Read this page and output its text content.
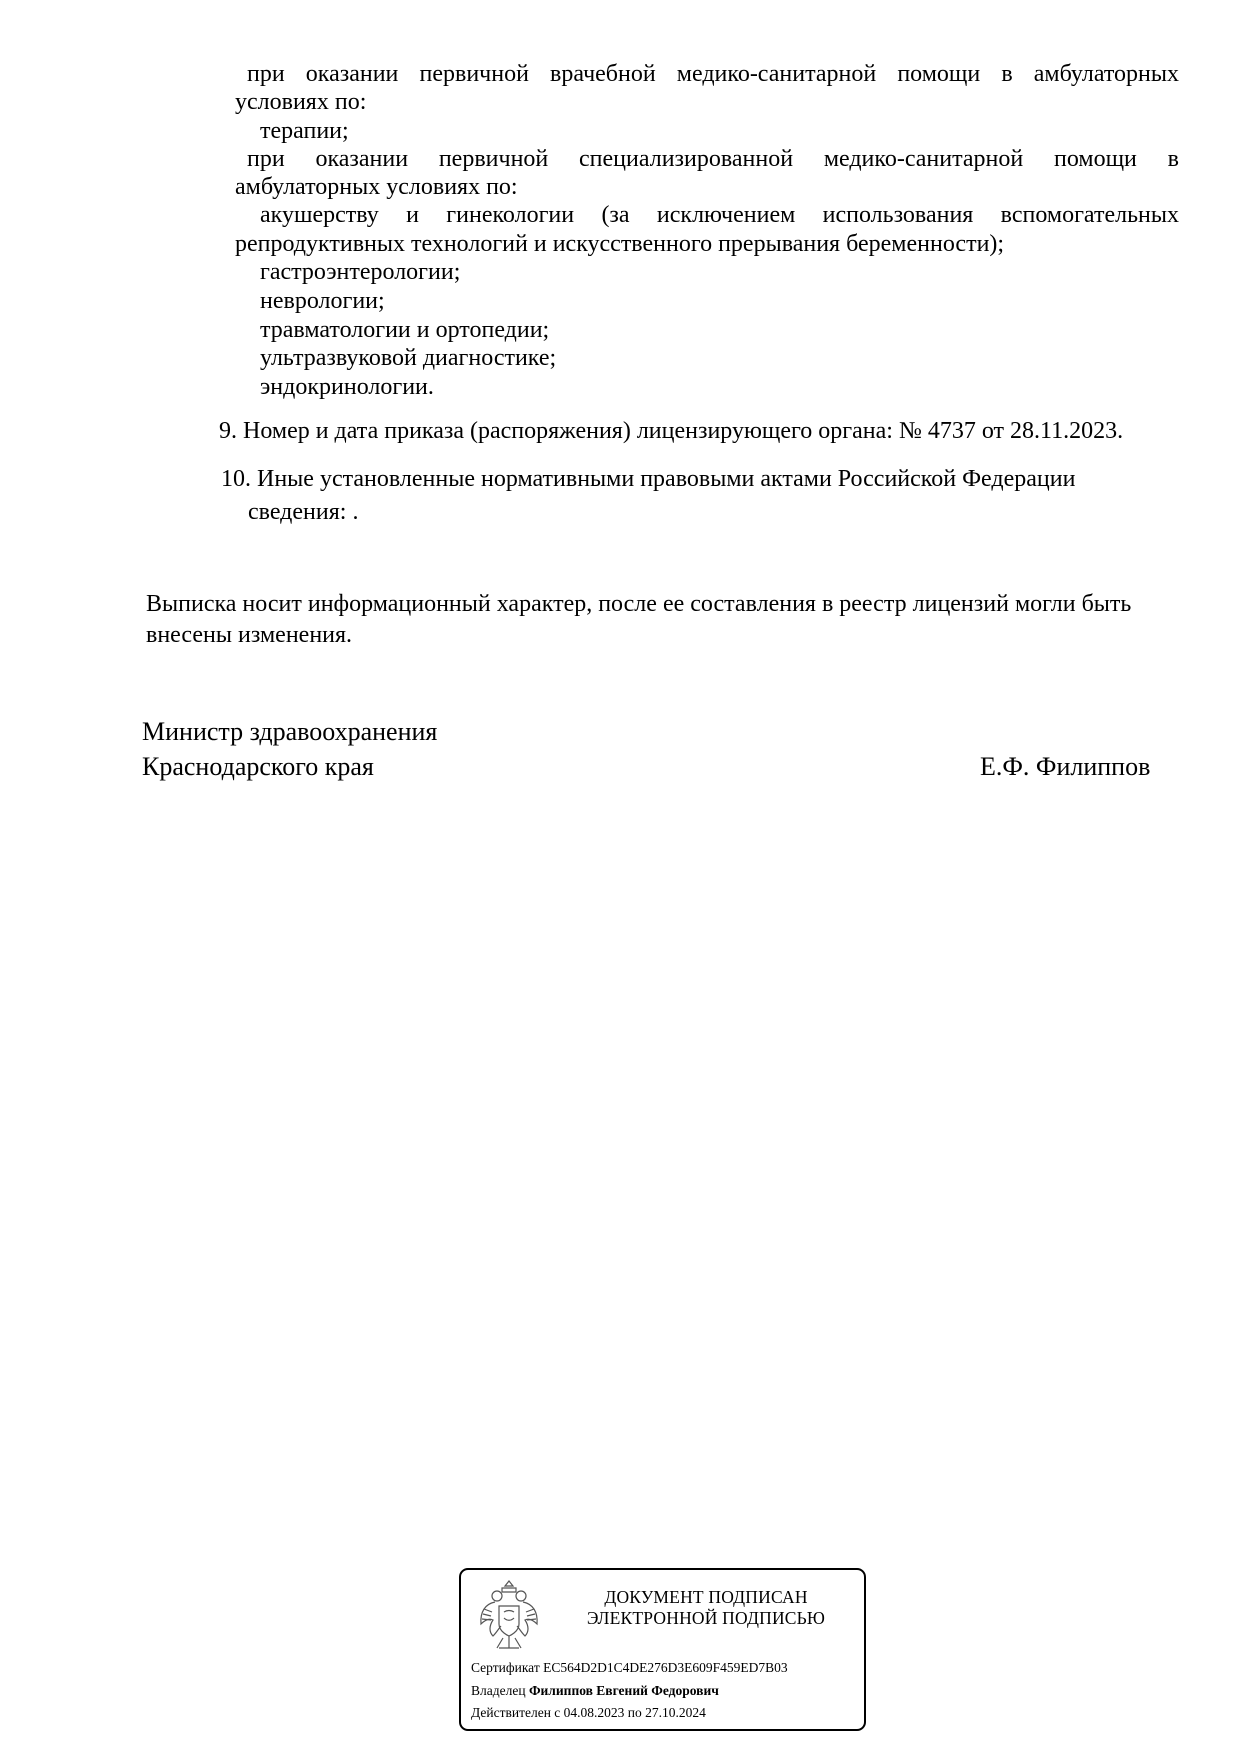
при оказании первичной врачебной медико-санитарной помощи в амбулаторных
условиях по:
терапии;
при оказании первичной специализированной медико-санитарной помощи в
амбулаторных условиях по:
акушерству и гинекологии (за исключением использования вспомогательных
репродуктивных технологий и искусственного прерывания беременности);
гастроэнтерологии;
неврологии;
травматологии и ортопедии;
ультразвуковой диагностике;
эндокринологии.
9. Номер и дата приказа (распоряжения) лицензирующего органа: № 4737 от 28.11.2023.
10. Иные установленные нормативными правовыми актами Российской Федерации
сведения: .
Выписка носит информационный характер, после ее составления в реестр лицензий могли быть
внесены изменения.
Министр здравоохранения
Краснодарского края	Е.Ф. Филиппов
ДОКУМЕНТ ПОДПИСАН
ЭЛЕКТРОННОЙ ПОДПИСЬЮ
Сертификат EC564D2D1C4DE276D3E609F459ED7B03
Владелец Филиппов Евгений Федорович
Действителен с 04.08.2023 по 27.10.2024
